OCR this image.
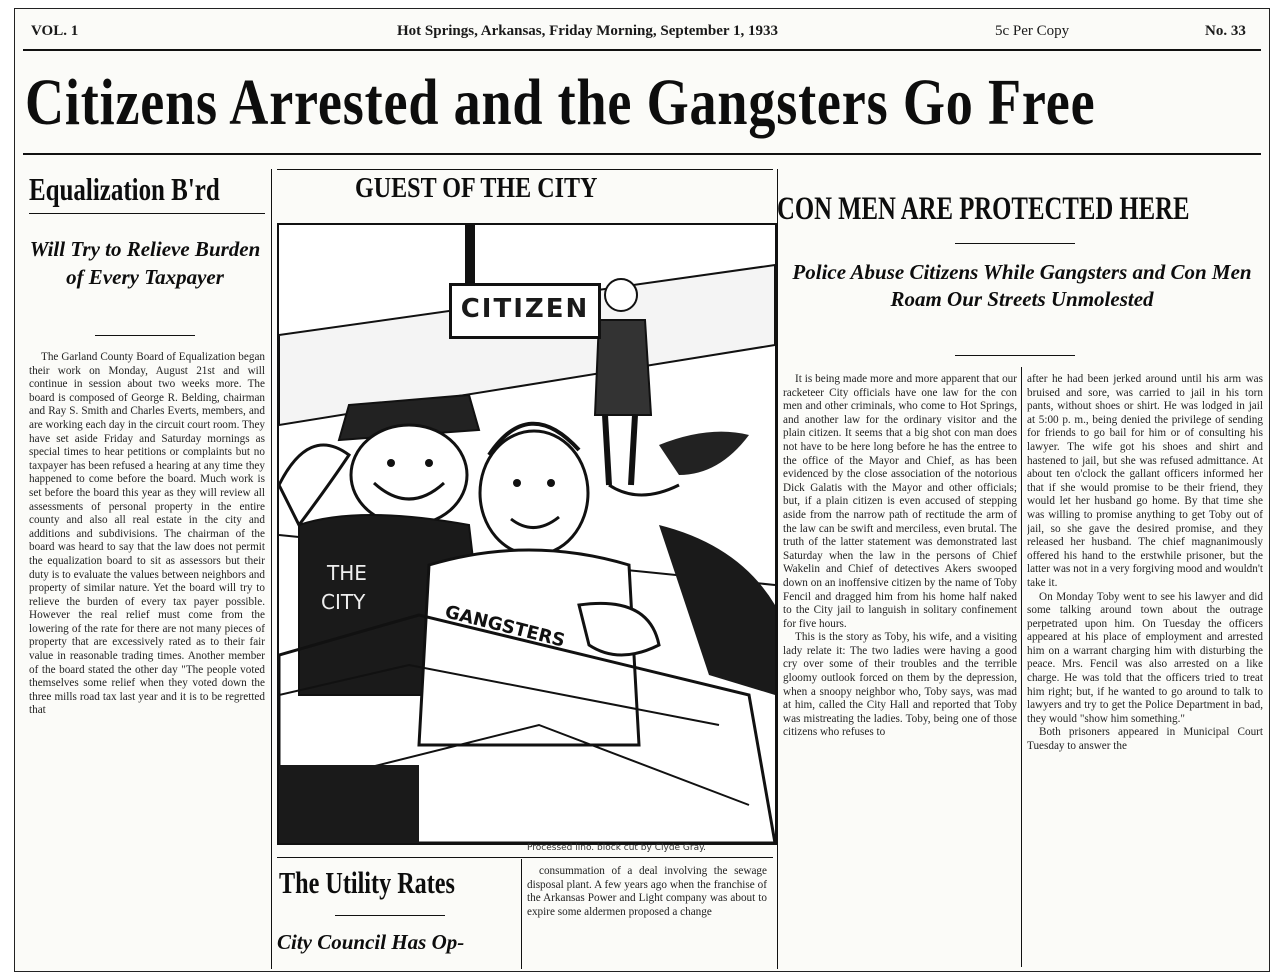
VOL. 1	Hot Springs, Arkansas, Friday Morning, September 1, 1933	5c Per Copy	No. 33
Citizens Arrested and the Gangsters Go Free
Equalization B'rd
Will Try to Relieve Burden of Every Taxpayer

The Garland County Board of Equalization began their work on Monday, August 21st and will continue in session about two weeks more. The board is composed of George R. Belding, chairman and Ray S. Smith and Charles Everts, members, and are working each day in the circuit court room. They have set aside Friday and Saturday mornings as special times to hear petitions or complaints but no taxpayer has been refused a hearing at any time they happened to come before the board. Much work is set before the board this year as they will review all assessments of personal property in the entire county and also all real estate in the city and additions and subdivisions. The chairman of the board was heard to say that the law does not permit the equalization board to sit as assessors but their duty is to evaluate the values between neighbors and property of similar nature. Yet the board will try to relieve the burden of every tax payer possible. However the real relief must come from the lowering of the rate for there are not many pieces of property that are excessively rated as to their fair value in reasonable trading times. Another member of the board stated the other day "The people voted themselves some relief when they voted down the three mills road tax last year and it is to be regretted that

GUEST OF THE CITY
THE
CITY	GANGSTERS
CITIZEN
Processed lino. block cut by Clyde Gray.
The Utility Rates
City Council Has Op-

consummation of a deal involving the sewage disposal plant. A few years ago when the franchise of the Arkansas Power and Light company was about to expire some aldermen proposed a change

CON MEN ARE PROTECTED HERE
Police Abuse Citizens While Gangsters and Con Men Roam Our Streets Unmolested

It is being made more and more apparent that our racketeer City officials have one law for the con men and other criminals, who come to Hot Springs, and another law for the ordinary visitor and the plain citizen. It seems that a big shot con man does not have to be here long before he has the entree to the office of the Mayor and Chief, as has been evidenced by the close association of the notorious Dick Galatis with the Mayor and other officials; but, if a plain citizen is even accused of stepping aside from the narrow path of rectitude the arm of the law can be swift and merciless, even brutal. The truth of the latter statement was demonstrated last Saturday when the law in the persons of Chief Wakelin and Chief of detectives Akers swooped down on an inoffensive citizen by the name of Toby Fencil and dragged him from his home half naked to the City jail to languish in solitary confinement for five hours.

This is the story as Toby, his wife, and a visiting lady relate it: The two ladies were having a good cry over some of their troubles and the terrible gloomy outlook forced on them by the depression, when a snoopy neighbor who, Toby says, was mad at him, called the City Hall and reported that Toby was mistreating the ladies. Toby, being one of those citizens who refuses to

after he had been jerked around until his arm was bruised and sore, was carried to jail in his torn pants, without shoes or shirt. He was lodged in jail at 5:00 p. m., being denied the privilege of sending for friends to go bail for him or of consulting his lawyer. The wife got his shoes and shirt and hastened to jail, but she was refused admittance. At about ten o'clock the gallant officers informed her that if she would promise to be their friend, they would let her husband go home. By that time she was willing to promise anything to get Toby out of jail, so she gave the desired promise, and they released her husband. The chief magnanimously offered his hand to the erstwhile prisoner, but the latter was not in a very forgiving mood and wouldn't take it.

On Monday Toby went to see his lawyer and did some talking around town about the outrage perpetrated upon him. On Tuesday the officers appeared at his place of employment and arrested him on a warrant charging him with disturbing the peace. Mrs. Fencil was also arrested on a like charge. He was told that the officers tried to treat him right; but, if he wanted to go around to talk to lawyers and try to get the Police Department in bad, they would "show him something."

Both prisoners appeared in Municipal Court Tuesday to answer the
